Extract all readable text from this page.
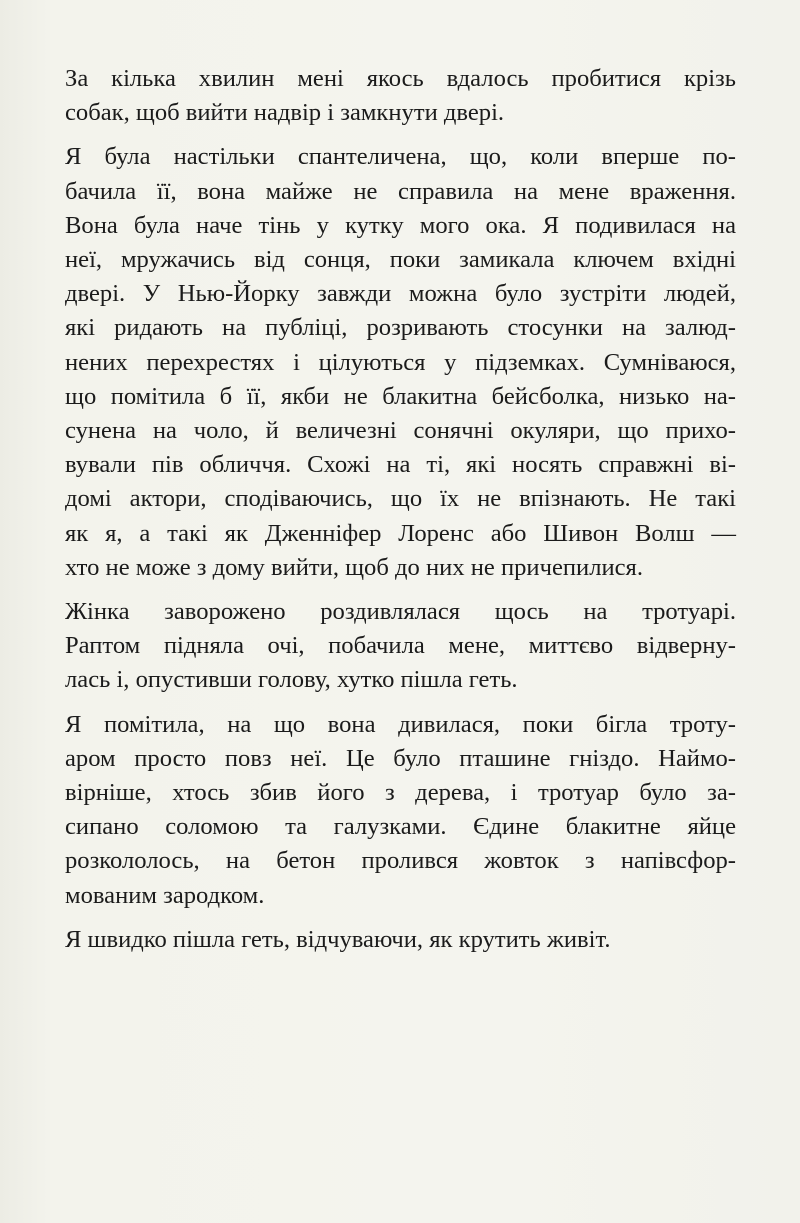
За кілька хвилин мені якось вдалось пробитися крізь
собак, щоб вийти надвір і замкнути двері.

Я була настільки спантеличена, що, коли вперше по-
бачила її, вона майже не справила на мене враження.
Вона була наче тінь у кутку мого ока. Я подивилася на
неї, мружачись від сонця, поки замикала ключем вхідні
двері. У Нью-Йорку завжди можна було зустріти людей,
які ридають на публіці, розривають стосунки на залюд-
нених перехрестях і цілуються у підземках. Сумніваюся,
що помітила б її, якби не блакитна бейсболка, низько на-
сунена на чоло, й величезні сонячні окуляри, що прихо-
вували пів обличчя. Схожі на ті, які носять справжні ві-
домі актори, сподіваючись, що їх не впізнають. Не такі
як я, а такі як Дженніфер Лоренс або Шивон Волш —
хто не може з дому вийти, щоб до них не причепилися.

Жінка заворожено роздивлялася щось на тротуарі.
Раптом підняла очі, побачила мене, миттєво відверну-
лась і, опустивши голову, хутко пішла геть.

Я помітила, на що вона дивилася, поки бігла троту-
аром просто повз неї. Це було пташине гніздо. Наймо-
вірніше, хтось збив його з дерева, і тротуар було за-
сипано соломою та галузками. Єдине блакитне яйце
розкололось, на бетон пролився жовток з напівсфор-
мованим зародком.

Я швидко пішла геть, відчуваючи, як крутить живіт.
